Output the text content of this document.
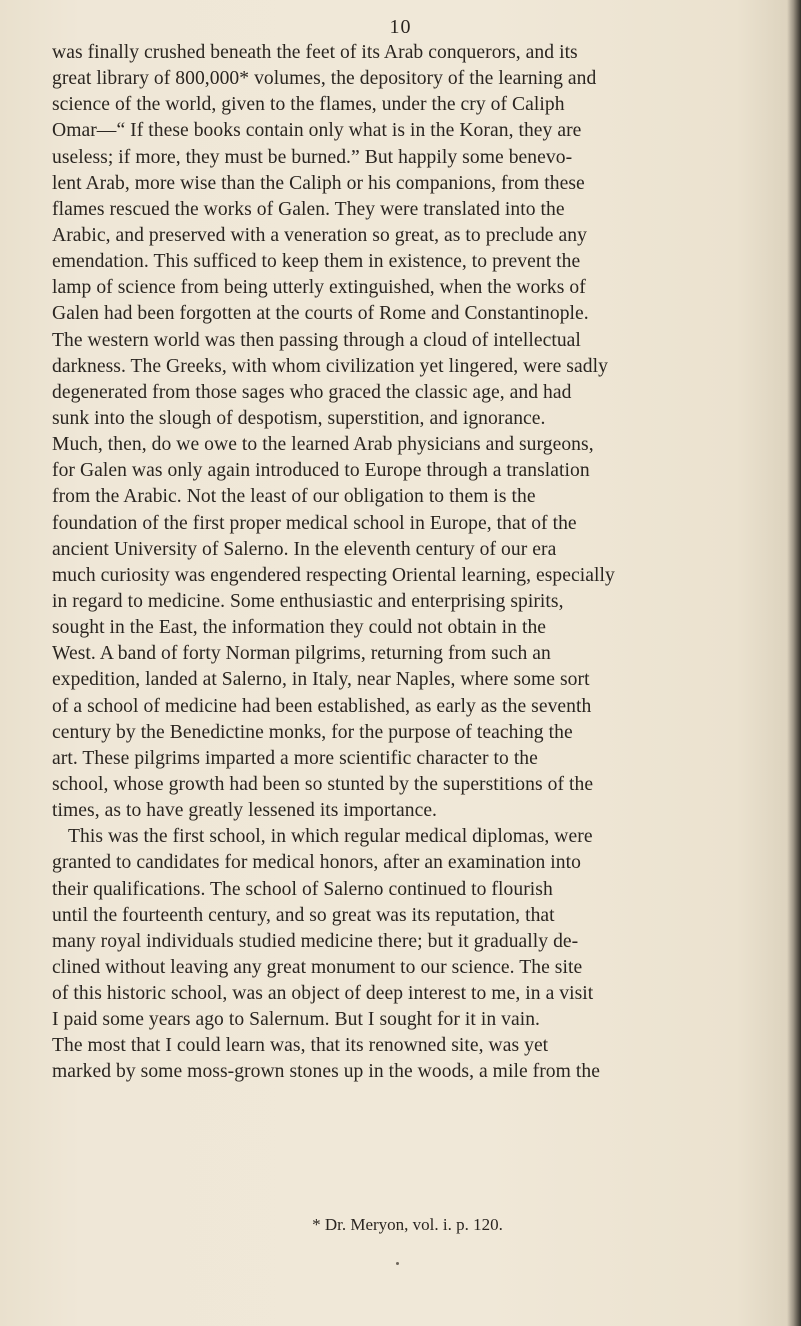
10
was finally crushed beneath the feet of its Arab conquerors, and its
great library of 800,000* volumes, the depository of the learning and
science of the world, given to the flames, under the cry of Caliph
Omar—“ If these books contain only what is in the Koran, they are
useless; if more, they must be burned.” But happily some benevo-
lent Arab, more wise than the Caliph or his companions, from these
flames rescued the works of Galen. They were translated into the
Arabic, and preserved with a veneration so great, as to preclude any
emendation. This sufficed to keep them in existence, to prevent the
lamp of science from being utterly extinguished, when the works of
Galen had been forgotten at the courts of Rome and Constantinople.
The western world was then passing through a cloud of intellectual
darkness. The Greeks, with whom civilization yet lingered, were sadly
degenerated from those sages who graced the classic age, and had
sunk into the slough of despotism, superstition, and ignorance.
Much, then, do we owe to the learned Arab physicians and surgeons,
for Galen was only again introduced to Europe through a translation
from the Arabic. Not the least of our obligation to them is the
foundation of the first proper medical school in Europe, that of the
ancient University of Salerno. In the eleventh century of our era
much curiosity was engendered respecting Oriental learning, especially
in regard to medicine. Some enthusiastic and enterprising spirits,
sought in the East, the information they could not obtain in the
West. A band of forty Norman pilgrims, returning from such an
expedition, landed at Salerno, in Italy, near Naples, where some sort
of a school of medicine had been established, as early as the seventh
century by the Benedictine monks, for the purpose of teaching the
art. These pilgrims imparted a more scientific character to the
school, whose growth had been so stunted by the superstitions of the
times, as to have greatly lessened its importance.
This was the first school, in which regular medical diplomas, were
granted to candidates for medical honors, after an examination into
their qualifications. The school of Salerno continued to flourish
until the fourteenth century, and so great was its reputation, that
many royal individuals studied medicine there; but it gradually de-
clined without leaving any great monument to our science. The site
of this historic school, was an object of deep interest to me, in a visit
I paid some years ago to Salernum. But I sought for it in vain.
The most that I could learn was, that its renowned site, was yet
marked by some moss-grown stones up in the woods, a mile from the
* Dr. Meryon, vol. i. p. 120.
